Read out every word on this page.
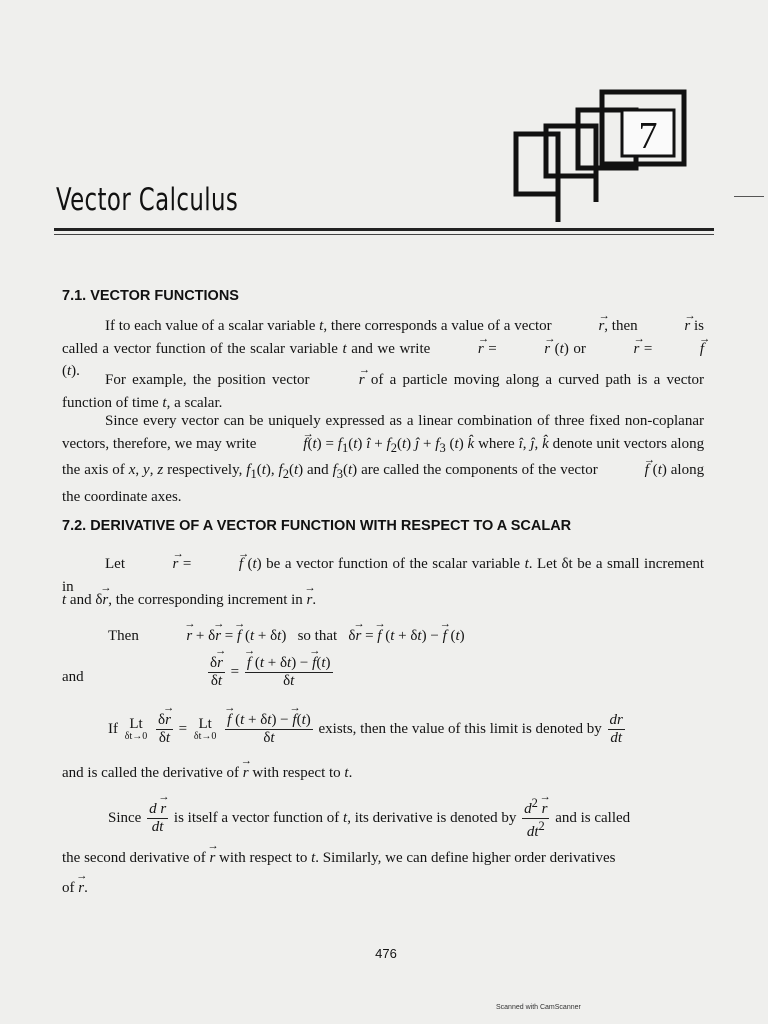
7
Vector Calculus
7.1. VECTOR FUNCTIONS
If to each value of a scalar variable t, there corresponds a value of a vector	→ r, then	→ r is called a vector function of the scalar variable t and we write	→ r =	→ r (t) or	→ r =	→ f (t).
For example, the position vector	→ r of a particle moving along a curved path is a vector function of time t, a scalar.
Since every vector can be uniquely expressed as a linear combination of three fixed non-coplanar vectors, therefore, we may write	→ $f(t) = f_1(t)$ î + $f_2(t)$ ĵ + $f_3$ (t) k̂ where î, ĵ, k̂ denote unit vectors along the axis of x, y, z respectively, $f_1(t)$, $f_2(t)$ and $f_3(t)$ are called the components of the vector	→ f (t) along the coordinate axes.
7.2. DERIVATIVE OF A VECTOR FUNCTION WITH RESPECT TO A SCALAR
Let	→ r =	→ f (t) be a vector function of the scalar variable t. Let δt be a small increment in

t and δ→ r, the corresponding increment in → r.
Then	→ r + δ→ r = → f (t + δt)   so that   δ→ r = → f (t + δt) − → f (t)
and	$\frac{\delta\to r}{\delta t}$ = → $\frac{f (t + \delta t) - \to f(t)}{\delta t}$
If Lt
δt→0
$\frac{\delta\to r}{\delta t} = Lt$
δt→0
→ $\frac{f (t + \delta t) - \to f(t)}{\delta t}$ exists, then the value of this limit is denoted by $\frac{dr}{dt}$
and is called the derivative of → r with respect to t.
Since $\frac{d \to r}{dt}$ is itself a vector function of t, its derivative is denoted by $\frac{d^2 \to r}{dt^2}$ and is called
the second derivative of → r with respect to t. Similarly, we can define higher order derivatives
of → r.
476
Scanned with CamScanner
